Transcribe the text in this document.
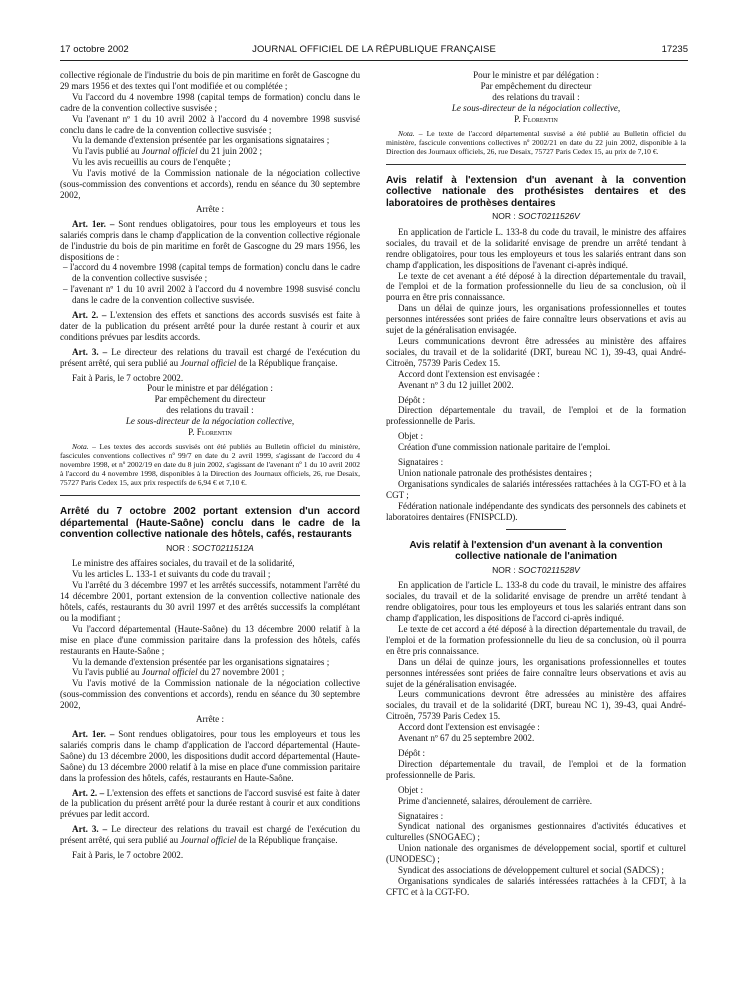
17 octobre 2002	JOURNAL OFFICIEL DE LA RÉPUBLIQUE FRANÇAISE	17235

collective régionale de l'industrie du bois de pin maritime en forêt de Gascogne du 29 mars 1956 et des textes qui l'ont modifiée et ou complétée ;

Vu l'accord du 4 novembre 1998 (capital temps de formation) conclu dans le cadre de la convention collective susvisée ;

Vu l'avenant nº 1 du 10 avril 2002 à l'accord du 4 novembre 1998 susvisé conclu dans le cadre de la convention collective susvisée ;

Vu la demande d'extension présentée par les organisations signataires ;

Vu l'avis publié au Journal officiel du 21 juin 2002 ;

Vu les avis recueillis au cours de l'enquête ;

Vu l'avis motivé de la Commission nationale de la négociation collective (sous-commission des conventions et accords), rendu en séance du 30 septembre 2002,

Arrête :

Art. 1er. – Sont rendues obligatoires, pour tous les employeurs et tous les salariés compris dans le champ d'application de la convention collective régionale de l'industrie du bois de pin maritime en forêt de Gascogne du 29 mars 1956, les dispositions de :

– l'accord du 4 novembre 1998 (capital temps de formation) conclu dans le cadre de la convention collective susvisée ;

– l'avenant nº 1 du 10 avril 2002 à l'accord du 4 novembre 1998 susvisé conclu dans le cadre de la convention collective susvisée.

Art. 2. – L'extension des effets et sanctions des accords susvisés est faite à dater de la publication du présent arrêté pour la durée restant à courir et aux conditions prévues par lesdits accords.

Art. 3. – Le directeur des relations du travail est chargé de l'exécution du présent arrêté, qui sera publié au Journal officiel de la République française.

Fait à Paris, le 7 octobre 2002.

Pour le ministre et par délégation :

Par empêchement du directeur

des relations du travail :

Le sous-directeur de la négociation collective,

P. Florentin

Nota. – Les textes des accords susvisés ont été publiés au Bulletin officiel du ministère, fascicules conventions collectives nº 99/7 en date du 2 avril 1999, s'agissant de l'accord du 4 novembre 1998, et nº 2002/19 en date du 8 juin 2002, s'agissant de l'avenant nº 1 du 10 avril 2002 à l'accord du 4 novembre 1998, disponibles à la Direction des Journaux officiels, 26, rue Desaix, 75727 Paris Cedex 15, aux prix respectifs de 6,94 € et 7,10 €.

Arrêté du 7 octobre 2002 portant extension d'un accord départemental (Haute-Saône) conclu dans le cadre de la convention collective nationale des hôtels, cafés, restaurants

NOR : SOCT0211512A

Le ministre des affaires sociales, du travail et de la solidarité,

Vu les articles L. 133-1 et suivants du code du travail ;

Vu l'arrêté du 3 décembre 1997 et les arrêtés successifs, notamment l'arrêté du 14 décembre 2001, portant extension de la convention collective nationale des hôtels, cafés, restaurants du 30 avril 1997 et des arrêtés successifs la complétant ou la modifiant ;

Vu l'accord départemental (Haute-Saône) du 13 décembre 2000 relatif à la mise en place d'une commission paritaire dans la profession des hôtels, cafés restaurants en Haute-Saône ;

Vu la demande d'extension présentée par les organisations signataires ;

Vu l'avis publié au Journal officiel du 27 novembre 2001 ;

Vu l'avis motivé de la Commission nationale de la négociation collective (sous-commission des conventions et accords), rendu en séance du 30 septembre 2002,

Arrête :

Art. 1er. – Sont rendues obligatoires, pour tous les employeurs et tous les salariés compris dans le champ d'application de l'accord départemental (Haute-Saône) du 13 décembre 2000, les dispositions dudit accord départemental (Haute-Saône) du 13 décembre 2000 relatif à la mise en place d'une commission paritaire dans la profession des hôtels, cafés, restaurants en Haute-Saône.

Art. 2. – L'extension des effets et sanctions de l'accord susvisé est faite à dater de la publication du présent arrêté pour la durée restant à courir et aux conditions prévues par ledit accord.

Art. 3. – Le directeur des relations du travail est chargé de l'exécution du présent arrêté, qui sera publié au Journal officiel de la République française.

Fait à Paris, le 7 octobre 2002.

Pour le ministre et par délégation :

Par empêchement du directeur

des relations du travail :

Le sous-directeur de la négociation collective,

P. Florentin

Nota. – Le texte de l'accord départemental susvisé a été publié au Bulletin officiel du ministère, fascicule conventions collectives nº 2002/21 en date du 22 juin 2002, disponible à la Direction des Journaux officiels, 26, rue Desaix, 75727 Paris Cedex 15, au prix de 7,10 €.

Avis relatif à l'extension d'un avenant à la convention collective nationale des prothésistes dentaires et des laboratoires de prothèses dentaires

NOR : SOCT0211526V

En application de l'article L. 133-8 du code du travail, le ministre des affaires sociales, du travail et de la solidarité envisage de prendre un arrêté tendant à rendre obligatoires, pour tous les employeurs et tous les salariés entrant dans son champ d'application, les dispositions de l'avenant ci-après indiqué.

Le texte de cet avenant a été déposé à la direction départementale du travail, de l'emploi et de la formation professionnelle du lieu de sa conclusion, où il pourra en être pris connaissance.

Dans un délai de quinze jours, les organisations professionnelles et toutes personnes intéressées sont priées de faire connaître leurs observations et avis au sujet de la généralisation envisagée.

Leurs communications devront être adressées au ministère des affaires sociales, du travail et de la solidarité (DRT, bureau NC 1), 39-43, quai André-Citroën, 75739 Paris Cedex 15.

Accord dont l'extension est envisagée :

Avenant nº 3 du 12 juillet 2002.

Dépôt :

Direction départementale du travail, de l'emploi et de la formation professionnelle de Paris.

Objet :

Création d'une commission nationale paritaire de l'emploi.

Signataires :

Union nationale patronale des prothésistes dentaires ;

Organisations syndicales de salariés intéressées rattachées à la CGT-FO et à la CGT ;

Fédération nationale indépendante des syndicats des personnels des cabinets et laboratoires dentaires (FNISPCLD).

Avis relatif à l'extension d'un avenant à la convention collective nationale de l'animation

NOR : SOCT0211528V

En application de l'article L. 133-8 du code du travail, le ministre des affaires sociales, du travail et de la solidarité envisage de prendre un arrêté tendant à rendre obligatoires, pour tous les employeurs et tous les salariés entrant dans son champ d'application, les dispositions de l'accord ci-après indiqué.

Le texte de cet accord a été déposé à la direction départementale du travail, de l'emploi et de la formation professionnelle du lieu de sa conclusion, où il pourra en être pris connaissance.

Dans un délai de quinze jours, les organisations professionnelles et toutes personnes intéressées sont priées de faire connaître leurs observations et avis au sujet de la généralisation envisagée.

Leurs communications devront être adressées au ministère des affaires sociales, du travail et de la solidarité (DRT, bureau NC 1), 39-43, quai André-Citroën, 75739 Paris Cedex 15.

Accord dont l'extension est envisagée :

Avenant nº 67 du 25 septembre 2002.

Dépôt :

Direction départementale du travail, de l'emploi et de la formation professionnelle de Paris.

Objet :

Prime d'ancienneté, salaires, déroulement de carrière.

Signataires :

Syndicat national des organismes gestionnaires d'activités éducatives et culturelles (SNOGAEC) ;

Union nationale des organismes de développement social, sportif et culturel (UNODESC) ;

Syndicat des associations de développement culturel et social (SADCS) ;

Organisations syndicales de salariés intéressées rattachées à la CFDT, à la CFTC et à la CGT-FO.
